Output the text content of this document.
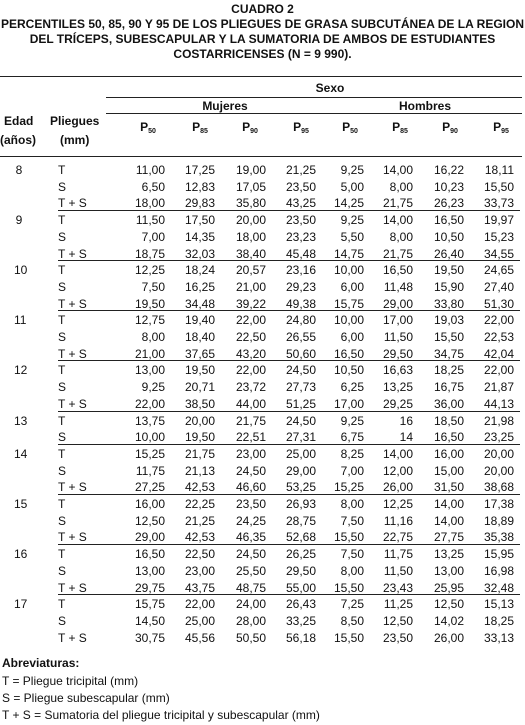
CUADRO 2
PERCENTILES 50, 85, 90 Y 95 DE LOS PLIEGUES DE GRASA SUBCUTÁNEA DE LA REGION
DEL TRÍCEPS, SUBESCAPULAR Y LA SUMATORIA DE AMBOS DE ESTUDIANTES
COSTARRICENSES (N = 9 990).
Sexo
Mujeres	Hombres
Edad
(años)
Pliegues
(mm)
$P_{50}$	$P_{85}$	$P_{90}$	$P_{95}$	$P_{50}$	$P_{85}$	$P_{90}$	$P_{95}$
8	T	11,00 17,25 19,00 21,25 9,25 14,00 16,22 18,11
S	6,50 12,83 17,05 23,50 5,00 8,00 10,23 15,50
T + S	18,00 29,83 35,80 43,25 14,25 21,75 26,23 33,73
9	T	11,50 17,50 20,00 23,50 9,25 14,00 16,50 19,97
S	7,00 14,35 18,00 23,23 5,50 8,00 10,50 15,23
T + S	18,75 32,03 38,40 45,48 14,75 21,75 26,40 34,55
10	T	12,25 18,24 20,57 23,16 10,00 16,50 19,50 24,65
S	7,50 16,25 21,00 29,23 6,00 11,48 15,90 27,40
T + S	19,50 34,48 39,22 49,38 15,75 29,00 33,80 51,30
11	T	12,75 19,40 22,00 24,80 10,00 17,00 19,03 22,00
S	8,00 18,40 22,50 26,55 6,00 11,50 15,50 22,53
T + S	21,00 37,65 43,20 50,60 16,50 29,50 34,75 42,04
12	T	13,00 19,50 22,00 24,50 10,50 16,63 18,25 22,00
S	9,25 20,71 23,72 27,73 6,25 13,25 16,75 21,87
T + S	22,00 38,50 44,00 51,25 17,00 29,25 36,00 44,13
13	T	13,75 20,00 21,75 24,50 9,25	16 18,50 21,98
S	10,00 19,50 22,51 27,31 6,75	14 16,50 23,25
14	T	15,25 21,75 23,00 25,00 8,25 14,00 16,00 20,00
S	11,75 21,13 24,50 29,00 7,00 12,00 15,00 20,00
T + S	27,25 42,53 46,60 53,25 15,25 26,00 31,50 38,68
15	T	16,00 22,25 23,50 26,93 8,00 12,25 14,00 17,38
S	12,50 21,25 24,25 28,75 7,50 11,16 14,00 18,89
T + S	29,00 42,53 46,35 52,68 15,50 22,75 27,75 35,38
16	T	16,50 22,50 24,50 26,25 7,50 11,75 13,25 15,95
S	13,00 23,00 25,50 29,50 8,00 11,50 13,00 16,98
T + S	29,75 43,75 48,75 55,00 15,50 23,43 25,95 32,48
17	T	15,75 22,00 24,00 26,43 7,25 11,25 12,50 15,13
S	14,50 25,00 28,00 33,25 8,50 12,50 14,02 18,25
T + S	30,75 45,56 50,50 56,18 15,50 23,50 26,00 33,13
Abreviaturas:
T = Pliegue tricipital (mm)
S = Pliegue subescapular (mm)
T + S = Sumatoria del pliegue tricipital y subescapular (mm)
